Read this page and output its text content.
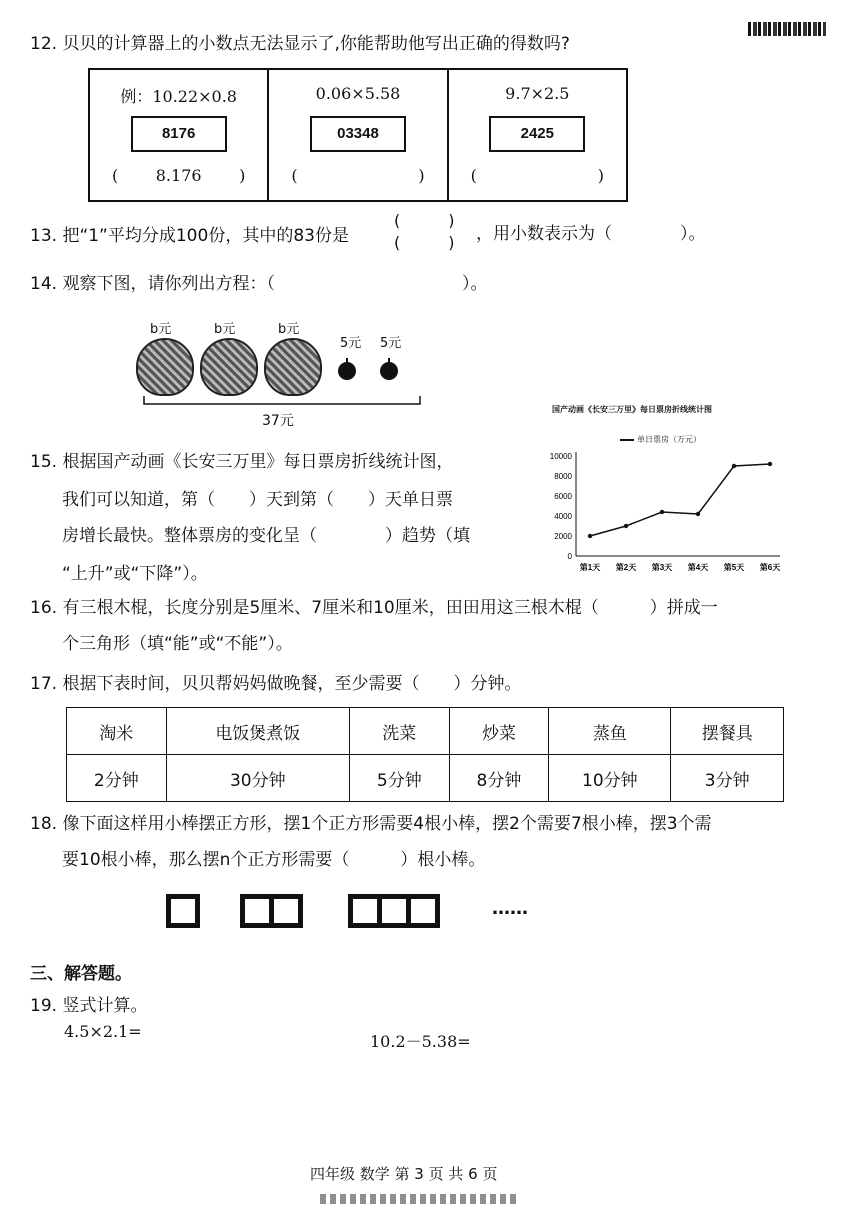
12. 贝贝的计算器上的小数点无法显示了,你能帮助他写出正确的得数吗?
例：10.22×0.8
8176
( 8.176 )
0.06×5.58
03348
(	)
9.7×2.5
2425
(	)
13. 把“1”平均分成100份，其中的83份是
(　　　)
(　　　) ，用小数表示为（　　　　）。
14. 观察下图，请你列出方程：（　　　　　　　　　　　）。
b元	b元	b元
5元 5元
37元
15. 根据国产动画《长安三万里》每日票房折线统计图，
我们可以知道，第（　　）天到第（　　）天单日票
房增长最快。整体票房的变化呈（　　　　）趋势（填
“上升”或“下降”）。
国产动画《长安三万里》每日票房折线统计图
单日票房（万元）
0
2000
4000
6000
8000
10000
第1天 第2天 第3天 第4天 第5天 第6天
16. 有三根木棍，长度分别是5厘米、7厘米和10厘米，田田用这三根木棍（　　　）拼成一
个三角形（填“能”或“不能”）。
17. 根据下表时间，贝贝帮妈妈做晚餐，至少需要（　　）分钟。
淘米	电饭煲煮饭	洗菜	炒菜	蒸鱼	摆餐具
2分钟	30分钟	5分钟	8分钟	10分钟	3分钟
18. 像下面这样用小棒摆正方形，摆1个正方形需要4根小棒，摆2个需要7根小棒，摆3个需
要10根小棒，那么摆n个正方形需要（　　　）根小棒。
……
三、解答题。
19. 竖式计算。
4.5×2.1=
10.2－5.38=
四年级 数学 第 3 页 共 6 页
